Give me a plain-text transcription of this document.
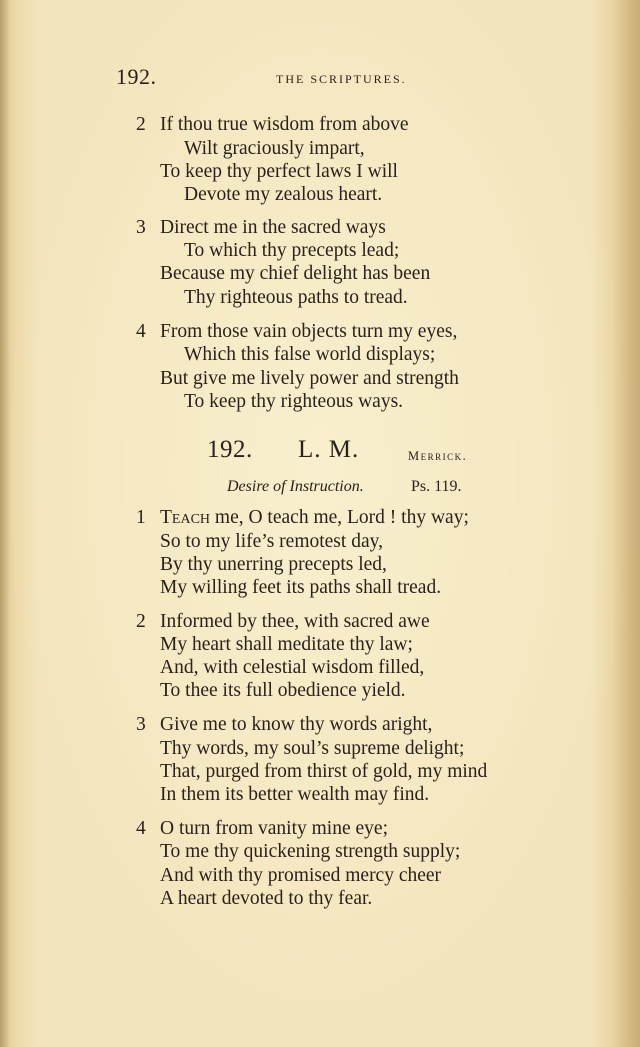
192.	THE SCRIPTURES.
2 If thou true wisdom from above
Wilt graciously impart,
To keep thy perfect laws I will
Devote my zealous heart.
3 Direct me in the sacred ways
To which thy precepts lead;
Because my chief delight has been
Thy righteous paths to tread.
4 From those vain objects turn my eyes,
Which this false world displays;
But give me lively power and strength
To keep thy righteous ways.
192. L. M.	Merrick.
Desire of Instruction.	Ps. 119.
1 Teach me, O teach me, Lord ! thy way;
So to my life’s remotest day,
By thy unerring precepts led,
My willing feet its paths shall tread.
2 Informed by thee, with sacred awe
My heart shall meditate thy law;
And, with celestial wisdom filled,
To thee its full obedience yield.
3 Give me to know thy words aright,
Thy words, my soul’s supreme delight;
That, purged from thirst of gold, my mind
In them its better wealth may find.
4 O turn from vanity mine eye;
To me thy quickening strength supply;
And with thy promised mercy cheer
A heart devoted to thy fear.
